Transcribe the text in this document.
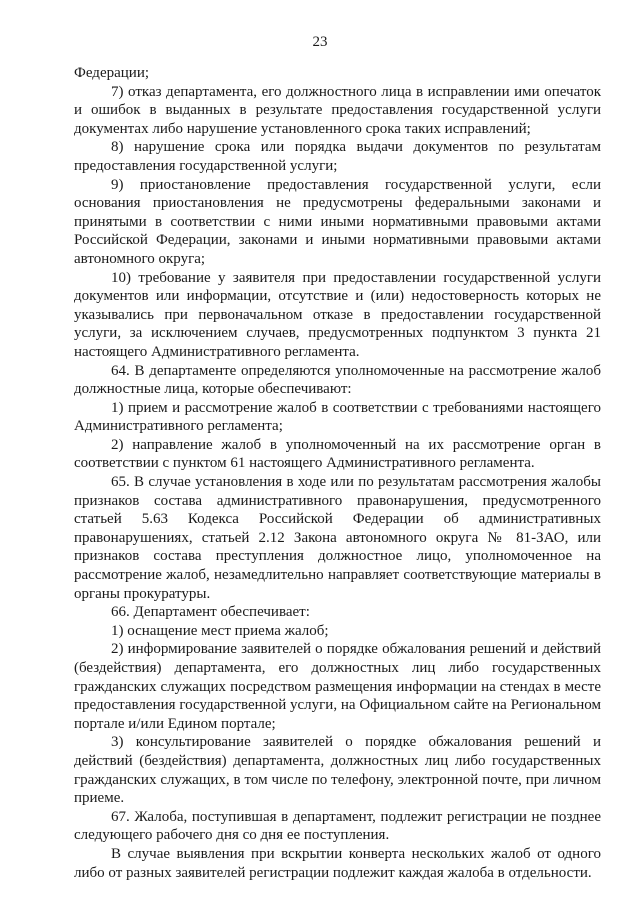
23

Федерации;

7) отказ департамента, его должностного лица в исправлении ими опечаток и ошибок в выданных в результате предоставления государственной услуги документах либо нарушение установленного срока таких исправлений;

8) нарушение срока или порядка выдачи документов по результатам предоставления государственной услуги;

9) приостановление предоставления государственной услуги, если основания приостановления не предусмотрены федеральными законами и принятыми в соответствии с ними иными нормативными правовыми актами Российской Федерации, законами и иными нормативными правовыми актами автономного округа;

10) требование у заявителя при предоставлении государственной услуги документов или информации, отсутствие и (или) недостоверность которых не указывались при первоначальном отказе в предоставлении государственной услуги, за исключением случаев, предусмотренных подпунктом 3 пункта 21 настоящего Административного регламента.

64. В департаменте определяются уполномоченные на рассмотрение жалоб должностные лица, которые обеспечивают:

1) прием и рассмотрение жалоб в соответствии с требованиями настоящего Административного регламента;

2) направление жалоб в уполномоченный на их рассмотрение орган в соответствии с пунктом 61 настоящего Административного регламента.

65. В случае установления в ходе или по результатам рассмотрения жалобы признаков состава административного правонарушения, предусмотренного статьей 5.63 Кодекса Российской Федерации об административных правонарушениях, статьей 2.12 Закона автономного округа № 81-ЗАО, или признаков состава преступления должностное лицо, уполномоченное на рассмотрение жалоб, незамедлительно направляет соответствующие материалы в органы прокуратуры.

66. Департамент обеспечивает:

1) оснащение мест приема жалоб;

2) информирование заявителей о порядке обжалования решений и действий (бездействия) департамента, его должностных лиц либо государственных гражданских служащих посредством размещения информации на стендах в месте предоставления государственной услуги, на Официальном сайте на Региональном портале и/или Едином портале;

3) консультирование заявителей о порядке обжалования решений и действий (бездействия) департамента, должностных лиц либо государственных гражданских служащих, в том числе по телефону, электронной почте, при личном приеме.

67. Жалоба, поступившая в департамент, подлежит регистрации не позднее следующего рабочего дня со дня ее поступления.

В случае выявления при вскрытии конверта нескольких жалоб от одного либо от разных заявителей регистрации подлежит каждая жалоба в отдельности.
